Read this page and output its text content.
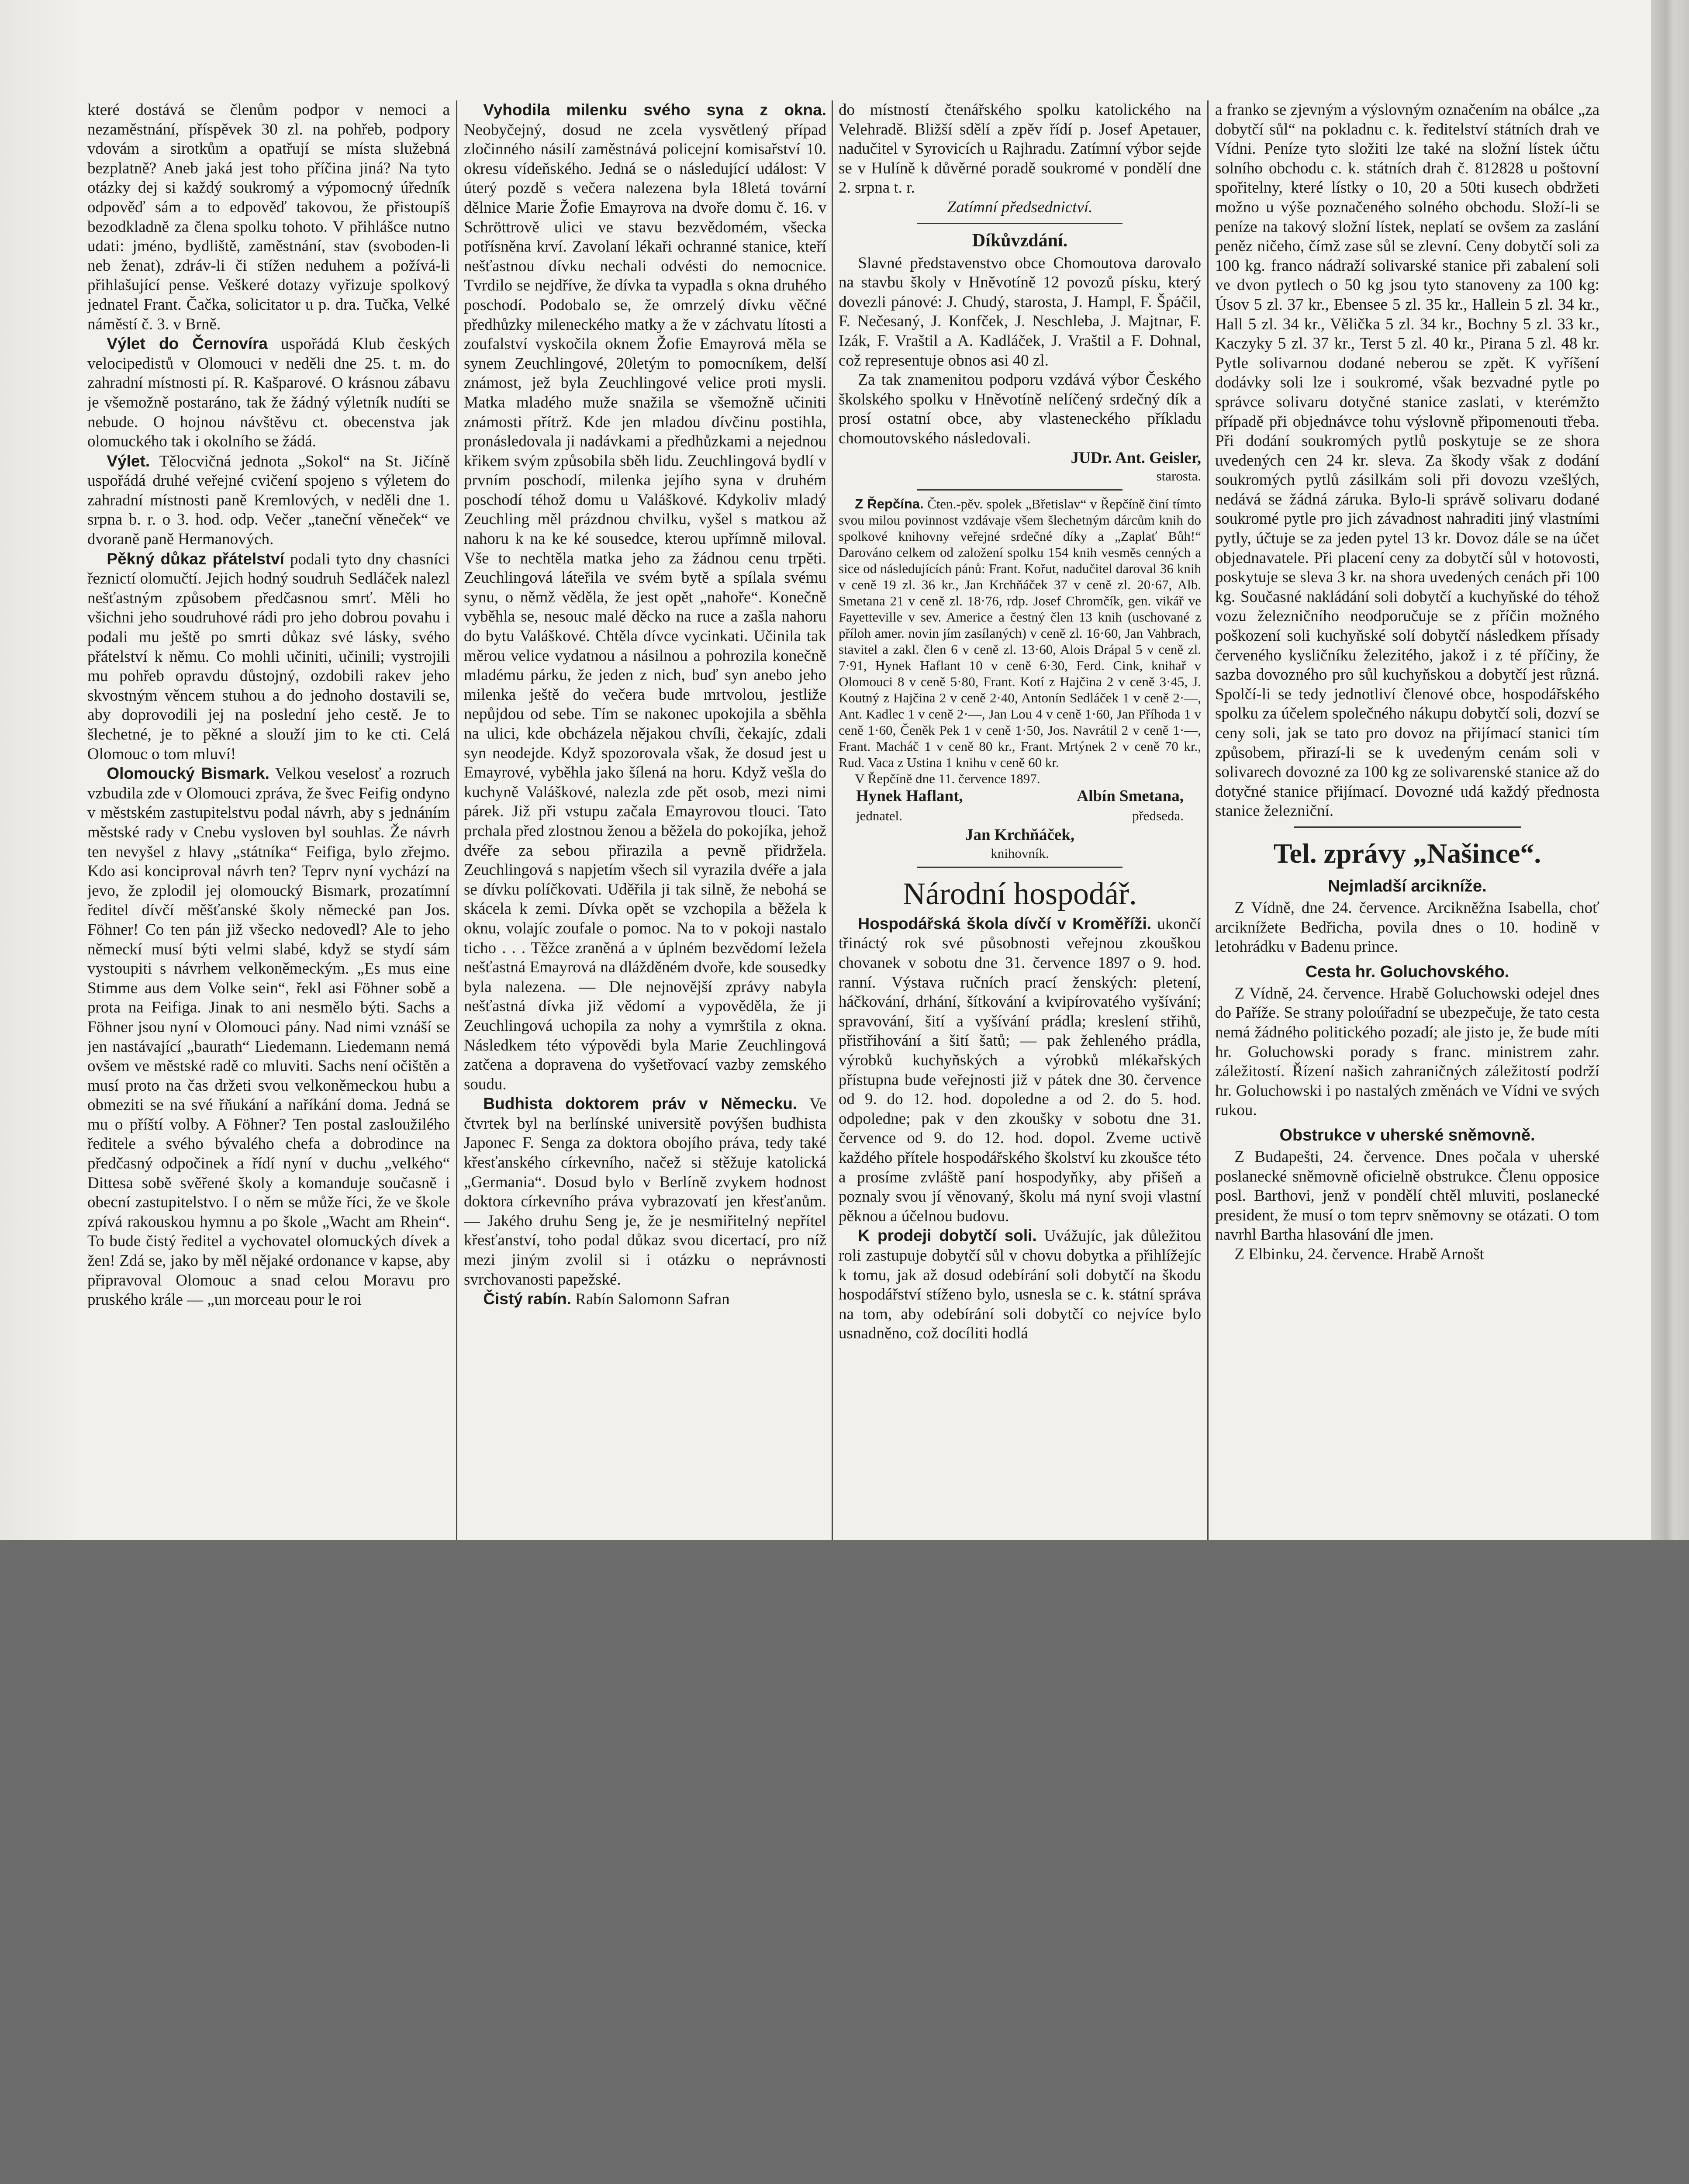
které dostává se členům podpor v nemoci a nezaměstnání, příspěvek 30 zl. na pohřeb, podpory vdovám a sirotkům a opatřují se místa služebná bezplatně? Aneb jaká jest toho příčina jiná? Na tyto otázky dej si každý soukromý a výpomocný úředník odpověď sám a to edpověď takovou, že přistoupíš bezodkladně za člena spolku tohoto. V přihlášce nutno udati: jméno, bydliště, zaměstnání, stav (svoboden-li neb ženat), zdráv-li či stížen neduhem a požívá-li přihlašující pense. Veškeré dotazy vyřizuje spolkový jednatel Frant. Čačka, solicitator u p. dra. Tučka, Velké náměstí č. 3. v Brně.

Výlet do Černovíra uspořádá Klub českých velocipedistů v Olomouci v neděli dne 25. t. m. do zahradní místnosti pí. R. Kašparové. O krásnou zábavu je všemožně postaráno, tak že žádný výletník nudíti se nebude. O hojnou návštěvu ct. obecenstva jak olomuckého tak i okolního se žádá.

Výlet. Tělocvičná jednota „Sokol“ na St. Jičíně uspořádá druhé veřejné cvičení spojeno s výletem do zahradní místnosti paně Kremlových, v neděli dne 1. srpna b. r. o 3. hod. odp. Večer „taneční věneček“ ve dvoraně paně Hermanových.

Pěkný důkaz přátelství podali tyto dny chasníci řeznictí olomučtí. Jejich hodný soudruh Sedláček nalezl nešťastným způsobem předčasnou smrť. Měli ho všichni jeho soudruhové rádi pro jeho dobrou povahu i podali mu ještě po smrti důkaz své lásky, svého přátelství k němu. Co mohli učiniti, učinili; vystrojili mu pohřeb opravdu důstojný, ozdobili rakev jeho skvostným věncem stuhou a do jednoho dostavili se, aby doprovodili jej na poslední jeho cestě. Je to šlechetné, je to pěkné a slouží jim to ke cti. Celá Olomouc o tom mluví!

Olomoucký Bismark. Velkou veselosť a rozruch vzbudila zde v Olomouci zpráva, že švec Feifig ondyno v městském zastupitelstvu podal návrh, aby s jednáním městské rady v Cnebu vysloven byl souhlas. Že návrh ten nevyšel z hlavy „státníka“ Feifiga, bylo zřejmo. Kdo asi konciproval návrh ten? Teprv nyní vychází na jevo, že zplodil jej olomoucký Bismark, prozatímní ředitel dívčí měšťanské školy německé pan Jos. Föhner! Co ten pán již všecko nedovedl? Ale to jeho německí musí býti velmi slabé, když se stydí sám vystoupiti s návrhem velkoněmeckým. „Es mus eine Stimme aus dem Volke sein“, řekl asi Föhner sobě a prota na Feifiga. Jinak to ani nesmělo býti. Sachs a Föhner jsou nyní v Olomouci pány. Nad nimi vznáší se jen nastávající „baurath“ Liedemann. Liedemann nemá ovšem ve městské radě co mluviti. Sachs není očištěn a musí proto na čas držeti svou velkoněmeckou hubu a obmeziti se na své řňukání a naříkání doma. Jedná se mu o příští volby. A Föhner? Ten postal zasloužilého ředitele a svého bývalého chefa a dobrodince na předčasný odpočinek a řídí nyní v duchu „velkého“ Dittesa sobě svěřené školy a komanduje současně i obecní zastupitelstvo. I o něm se může říci, že ve škole zpívá rakouskou hymnu a po škole „Wacht am Rhein“. To bude čistý ředitel a vychovatel olomuckých dívek a žen! Zdá se, jako by měl nějaké ordonance v kapse, aby připravoval Olomouc a snad celou Moravu pro pruského krále — „un morceau pour le roi

Vyhodila milenku svého syna z okna. Neobyčejný, dosud ne zcela vysvětlený případ zločinného násilí zaměstnává policejní komisařství 10. okresu vídeňského. Jedná se o následující událost: V úterý pozdě s večera nalezena byla 18letá tovární dělnice Marie Žofie Emayrova na dvoře domu č. 16. v Schröttrově ulici ve stavu bezvědomém, všecka potřísněna krví. Zavolaní lékaři ochranné stanice, kteří nešťastnou dívku nechali odvésti do nemocnice. Tvrdilo se nejdříve, že dívka ta vypadla s okna druhého poschodí. Podobalo se, že omrzelý dívku věčné předhůzky mileneckého matky a že v záchvatu lítosti a zoufalství vyskočila oknem Žofie Emayrová měla se synem Zeuchlingové, 20letým to pomocníkem, delší známost, jež byla Zeuchlingové velice proti mysli. Matka mladého muže snažila se všemožně učiniti známosti přítrž. Kde jen mladou dívčinu postihla, pronásledovala ji nadávkami a předhůzkami a nejednou křikem svým způsobila sběh lidu. Zeuchlingová bydlí v prvním poschodí, milenka jejího syna v druhém poschodí téhož domu u Valáškové. Kdykoliv mladý Zeuchling měl prázdnou chvilku, vyšel s matkou až nahoru k na ke ké sousedce, kterou upřímně miloval. Vše to nechtěla matka jeho za žádnou cenu trpěti. Zeuchlingová láteřila ve svém bytě a spílala svému synu, o němž věděla, že jest opět „nahoře“. Konečně vyběhla se, nesouc malé děcko na ruce a zašla nahoru do bytu Valáškové. Chtěla dívce vycinkati. Učinila tak měrou velice vydatnou a násilnou a pohrozila konečně mladému párku, že jeden z nich, buď syn anebo jeho milenka ještě do večera bude mrtvolou, jestliže nepůjdou od sebe. Tím se nakonec upokojila a sběhla na ulici, kde obcházela nějakou chvíli, čekajíc, zdali syn neodejde. Když spozorovala však, že dosud jest u Emayrové, vyběhla jako šílená na horu. Když vešla do kuchyně Valáškové, nalezla zde pět osob, mezi nimi párek. Již při vstupu začala Emayrovou tlouci. Tato prchala před zlostnou ženou a běžela do pokojíka, jehož dvéře za sebou přirazila a pevně přidržela. Zeuchlingová s napjetím všech sil vyrazila dvéře a jala se dívku políčkovati. Uděřila ji tak silně, že nebohá se skácela k zemi. Dívka opět se vzchopila a běžela k oknu, volajíc zoufale o pomoc. Na to v pokoji nastalo ticho . . . Těžce zraněná a v úplném bezvědomí ležela nešťastná Emayrová na dlážděném dvoře, kde sousedky byla nalezena. — Dle nejnovější zprávy nabyla nešťastná dívka již vědomí a vypověděla, že ji Zeuchlingová uchopila za nohy a vymrštila z okna. Následkem této výpovědi byla Marie Zeuchlingová zatčena a dopravena do vyšetřovací vazby zemského soudu.

Budhista doktorem práv v Německu. Ve čtvrtek byl na berlínské universitě povýšen budhista Japonec F. Senga za doktora obojího práva, tedy také křesťanského církevního, načež si stěžuje katolická „Germania“. Dosud bylo v Berlíně zvykem hodnost doktora církevního práva vybrazovatí jen křesťanům. — Jakého druhu Seng je, že je nesmiřitelný nepřítel křesťanství, toho podal důkaz svou dicertací, pro níž mezi jiným zvolil si i otázku o neprávnosti svrchovanosti papežské.

Čistý rabín. Rabín Salomonn Safran

do místností čtenářského spolku katolického na Velehradě. Bližší sdělí a zpěv řídí p. Josef Apetauer, nadučitel v Syrovicích u Rajhradu. Zatímní výbor sejde se v Hulíně k důvěrné poradě soukromé v pondělí dne 2. srpna t. r.

Zatímní předsednictví.

Díkůvzdání.

Slavné představenstvo obce Chomoutova darovalo na stavbu školy v Hněvotíně 12 povozů písku, který dovezli pánové: J. Chudý, starosta, J. Hampl, F. Špáčil, F. Nečesaný, J. Konfček, J. Neschleba, J. Majtnar, F. Izák, F. Vraštil a A. Kadláček, J. Vraštil a F. Dohnal, což representuje obnos asi 40 zl.

Za tak znamenitou podporu vzdává výbor Českého školského spolku v Hněvotíně nelíčený srdečný dík a prosí ostatní obce, aby vlasteneckého příkladu chomoutovského následovali.

JUDr. Ant. Geisler,

starosta.

Z Řepčína. Čten.-pěv. spolek „Břetislav“ v Řepčíně činí tímto svou milou povinnost vzdávaje všem šlechetným dárcům knih do spolkové knihovny veřejné srdečné díky a „Zaplať Bůh!“ Darováno celkem od založení spolku 154 knih vesměs cenných a sice od následujících pánů: Frant. Kořut, nadučitel daroval 36 knih v ceně 19 zl. 36 kr., Jan Krchňáček 37 v ceně zl. 20·67, Alb. Smetana 21 v ceně zl. 18·76, rdp. Josef Chromčík, gen. vikář ve Fayetteville v sev. Americe a čestný člen 13 knih (uschované z příloh amer. novin jím zasílaných) v ceně zl. 16·60, Jan Vahbrach, stavitel a zakl. člen 6 v ceně zl. 13·60, Alois Drápal 5 v ceně zl. 7·91, Hynek Haflant 10 v ceně 6·30, Ferd. Cink, knihař v Olomouci 8 v ceně 5·80, Frant. Kotí z Hajčina 2 v ceně 3·45, J. Koutný z Hajčina 2 v ceně 2·40, Antonín Sedláček 1 v ceně 2·—, Ant. Kadlec 1 v ceně 2·—, Jan Lou 4 v ceně 1·60, Jan Příhoda 1 v ceně 1·60, Čeněk Pek 1 v ceně 1·50, Jos. Navrátil 2 v ceně 1·—, Frant. Macháč 1 v ceně 80 kr., Frant. Mrtýnek 2 v ceně 70 kr., Rud. Vaca z Ustina 1 knihu v ceně 60 kr.

V Řepčíně dne 11. července 1897.

Hynek Haflant,	Albín Smetana,
jednatel.	předseda.

Jan Krchňáček,

knihovník.

Národní hospodář.

Hospodářská škola dívčí v Kroměříži. ukončí třináctý rok své působnosti veřejnou zkouškou chovanek v sobotu dne 31. července 1897 o 9. hod. ranní. Výstava ručních prací ženských: pletení, háčkování, drhání, šítkování a kvipírovatého vyšívání; spravování, šití a vyšívání prádla; kreslení střihů, přistřihování a šití šatů; — pak žehleného prádla, výrobků kuchyňských a výrobků mlékařských přístupna bude veřejnosti již v pátek dne 30. července od 9. do 12. hod. dopoledne a od 2. do 5. hod. odpoledne; pak v den zkoušky v sobotu dne 31. července od 9. do 12. hod. dopol. Zveme uctivě každého přítele hospodářského školství ku zkoušce této a prosíme zvláště paní hospodyňky, aby přišeň a poznaly svou jí věnovaný, školu má nyní svoji vlastní pěknou a účelnou budovu.

K prodeji dobytčí soli. Uvážujíc, jak důležitou roli zastupuje dobytčí sůl v chovu dobytka a přihlížejíc k tomu, jak až dosud odebírání soli dobytčí na škodu hospodářství stíženo bylo, usnesla se c. k. státní správa na tom, aby odebírání soli dobytčí co nejvíce bylo usnadněno, což docíliti hodlá

a franko se zjevným a výslovným označením na obálce „za dobytčí sůl“ na pokladnu c. k. ředitelství státních drah ve Vídni. Peníze tyto složiti lze také na složní lístek účtu solního obchodu c. k. státních drah č. 812828 u poštovní spořitelny, které lístky o 10, 20 a 50ti kusech obdržeti možno u výše poznačeného solného obchodu. Složí-li se peníze na takový složní lístek, neplatí se ovšem za zaslání peněz ničeho, čímž zase sůl se zlevní. Ceny dobytčí soli za 100 kg. franco nádraží solivarské stanice při zabalení soli ve dvon pytlech o 50 kg jsou tyto stanoveny za 100 kg: Úsov 5 zl. 37 kr., Ebensee 5 zl. 35 kr., Hallein 5 zl. 34 kr., Hall 5 zl. 34 kr., Vělička 5 zl. 34 kr., Bochny 5 zl. 33 kr., Kaczyky 5 zl. 37 kr., Terst 5 zl. 40 kr., Pirana 5 zl. 48 kr. Pytle solivarnou dodané neberou se zpět. K vyříšení dodávky soli lze i soukromé, však bezvadné pytle po správce solivaru dotyčné stanice zaslati, v kterémžto případě při objednávce tohu výslovně připomenouti třeba. Při dodání soukromých pytlů poskytuje se ze shora uvedených cen 24 kr. sleva. Za škody však z dodání soukromých pytlů zásilkám soli při dovozu vzešlých, nedává se žádná záruka. Bylo-li správě solivaru dodané soukromé pytle pro jich závadnost nahraditi jiný vlastními pytly, účtuje se za jeden pytel 13 kr. Dovoz dále se na účet objednavatele. Při placení ceny za dobytčí sůl v hotovosti, poskytuje se sleva 3 kr. na shora uvedených cenách při 100 kg. Současné nakládání soli dobytčí a kuchyňské do téhož vozu železničního neodporučuje se z příčin možného poškození soli kuchyňské solí dobytčí následkem přísady červeného kysličníku železitého, jakož i z té příčiny, že sazba dovozného pro sůl kuchyňskou a dobytčí jest různá. Spolčí-li se tedy jednotliví členové obce, hospodářského spolku za účelem společného nákupu dobytčí soli, dozví se ceny soli, jak se tato pro dovoz na přijímací stanici tím způsobem, přirazí-li se k uvedeným cenám soli v solivarech dovozné za 100 kg ze solivarenské stanice až do dotyčné stanice přijímací. Dovozné udá každý přednosta stanice železniční.

Tel. zprávy „Našince“.
Nejmladší arcikníže.

Z Vídně, dne 24. července. Arcikněžna Isabella, choť arciknížete Bedřicha, povila dnes o 10. hodině v letohrádku v Badenu prince.

Cesta hr. Goluchovského.

Z Vídně, 24. července. Hrabě Goluchowski odejel dnes do Paříže. Se strany poloúřadní se ubezpečuje, že tato cesta nemá žádného politického pozadí; ale jisto je, že bude míti hr. Goluchowski porady s franc. ministrem zahr. záležitostí. Řízení našich zahraničných záležitostí podrží hr. Goluchowski i po nastalých změnách ve Vídni ve svých rukou.

Obstrukce v uherské sněmovně.

Z Budapešti, 24. července. Dnes počala v uherské poslanecké sněmovně oficielně obstrukce. Členu opposice posl. Barthovi, jenž v pondělí chtěl mluviti, poslanecké president, že musí o tom teprv sněmovny se otázati. O tom navrhl Bartha hlasování dle jmen.

Z Elbinku, 24. července. Hrabě Arnošt
